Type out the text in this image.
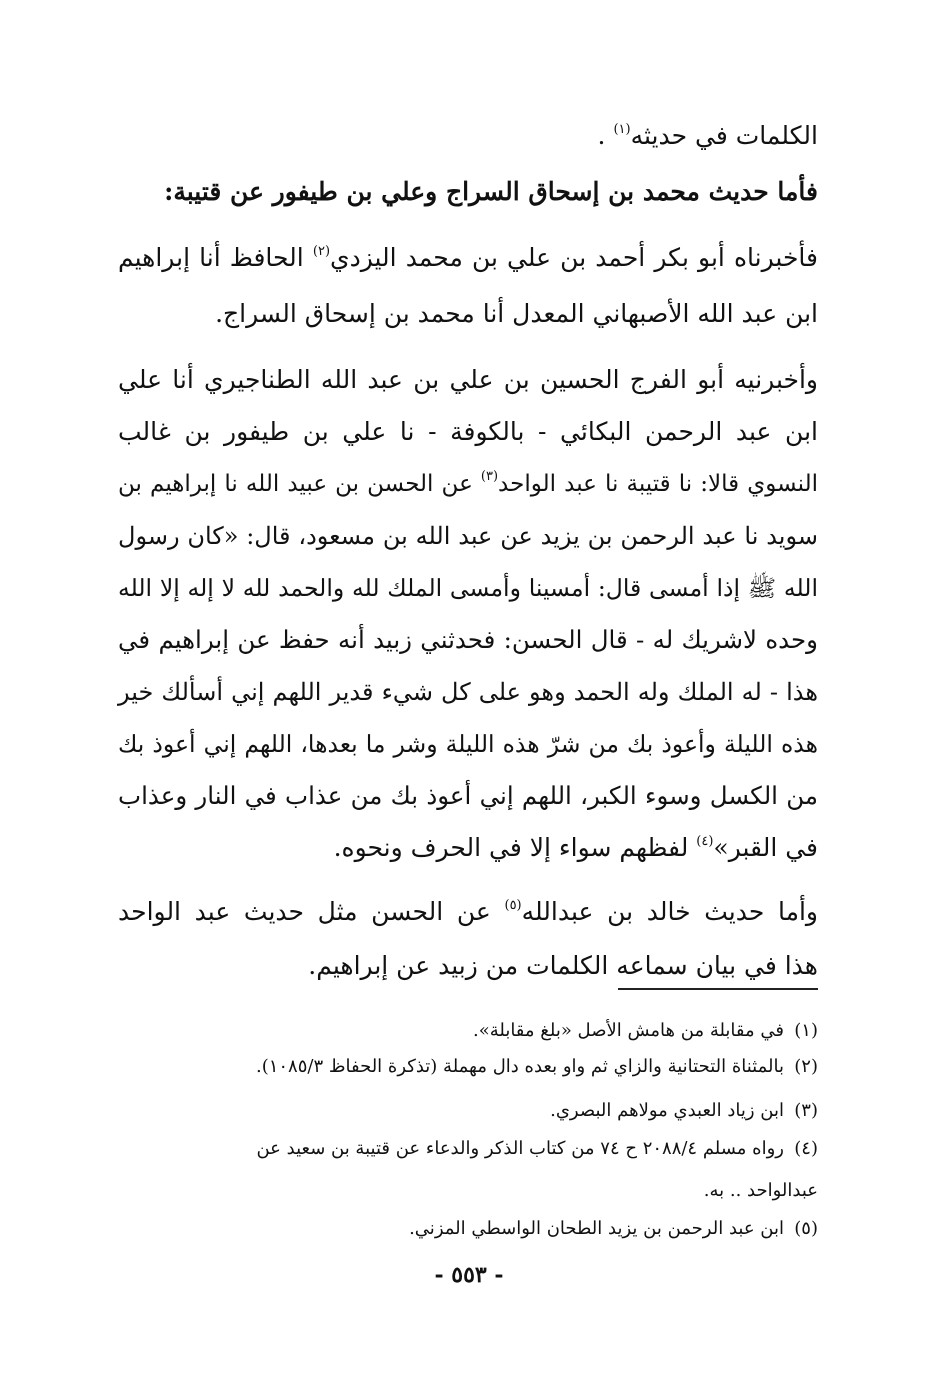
الكلمات في حديثه$^{(١)}$ .
فأما حديث محمد بن إسحاق السراج وعلي بن طيفور عن قتيبة:
فأخبرناه أبو بكر أحمد بن علي بن محمد اليزدي$^{(٢)}$ الحافظ أنا إبراهيم
ابن عبد الله الأصبهاني المعدل أنا محمد بن إسحاق السراج.
وأخبرنيه أبو الفرج الحسين بن علي بن عبد الله الطناجيري أنا علي
ابن عبد الرحمن البكائي - بالكوفة - نا علي بن طيفور بن غالب
النسوي قالا: نا قتيبة نا عبد الواحد$^{(٣)}$ عن الحسن بن عبيد الله نا إبراهيم بن
سويد نا عبد الرحمن بن يزيد عن عبد الله بن مسعود، قال: «كان رسول
الله ﷺ إذا أمسى قال: أمسينا وأمسى الملك لله والحمد لله لا إله إلا الله
وحده لاشريك له - قال الحسن: فحدثني زبيد أنه حفظ عن إبراهيم في
هذا - له الملك وله الحمد وهو على كل شيء قدير اللهم إني أسألك خير
هذه الليلة وأعوذ بك من شرّ هذه الليلة وشر ما بعدها، اللهم إني أعوذ بك
من الكسل وسوء الكبر، اللهم إني أعوذ بك من عذاب في النار وعذاب
في القبر»$^{(٤)}$ لفظهم سواء إلا في الحرف ونحوه.
وأما حديث خالد بن عبدالله$^{(٥)}$ عن الحسن مثل حديث عبد الواحد
هذا في بيان سماعه الكلمات من زبيد عن إبراهيم.
(١)في مقابلة من هامش الأصل «بلغ مقابلة».
(٢)بالمثناة التحتانية والزاي ثم واو بعده دال مهملة (تذكرة الحفاظ ١٠٨٥/٣).
(٣)ابن زياد العبدي مولاهم البصري.
(٤)رواه مسلم ٢٠٨٨/٤ ح ٧٤ من كتاب الذكر والدعاء عن قتيبة بن سعيد عن
عبدالواحد .. به.
(٥)ابن عبد الرحمن بن يزيد الطحان الواسطي المزني.
- ٥٥٣ -
